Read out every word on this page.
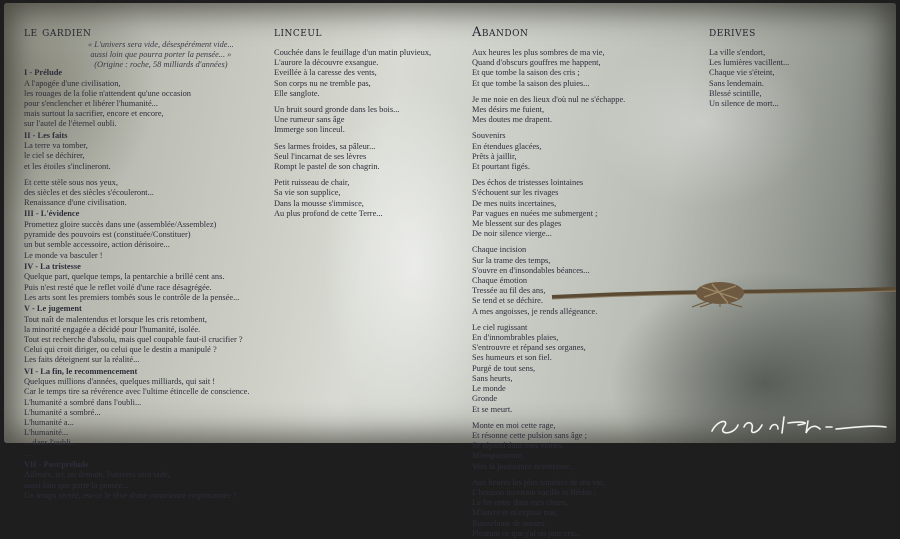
le gardien
« L'univers sera vide, désespérément vide...
aussi loin que pourra porter la pensée... »
(Origine : roche, 58 milliards d'années)
I - Prélude
A l'apogée d'une civilisation,
les rouages de la folie n'attendent qu'une occasion
pour s'enclencher et libérer l'humanité...
mais surtout la sacrifier, encore et encore,
sur l'autel de l'éternel oubli.
II - Les faits
La terre va tomber,
le ciel se déchirer,
et les étoiles s'inclineront.
Et cette stèle sous nos yeux,
des siècles et des siècles s'écouleront...
Renaissance d'une civilisation.
III - L'évidence
Promettez gloire succès dans une (assemblée/Assemblez)
pyramide des pouvoirs est (constituée/Constituer)
un but semble accessoire, action dérisoire...
Le monde va basculer !
IV - La tristesse
Quelque part, quelque temps, la pentarchie a brillé cent ans.
Puis n'est resté que le reflet voilé d'une race désagrégée.
Les arts sont les premiers tombés sous le contrôle de la pensée...
V - Le jugement
Tout naît de malentendus et lorsque les cris retombent,
la minorité engagée a décidé pour l'humanité, isolée.
Tout est recherche d'absolu, mais quel coupable faut-il crucifier ?
Celui qui croit diriger, ou celui que le destin a manipulé ?
Les faits déteignent sur la réalité...
VI - La fin, le recommencement
Quelques millions d'années, quelques milliards, qui sait !
Car le temps tire sa révérence avec l'ultime étincelle de conscience.
L'humanité a sombré dans l'oubli...
L'humanité a sombré...
L'humanité a...
L'humanité...
... dans l'oubli...
...
VII - Post/prélude
Ailleurs, ici, ou demain, l'univers sera vide,
aussi loin que porte la pensée...
Un temps recréé, est-ce le rêve d'une conscience emprisonnée ?
linceul
Couchée dans le feuillage d'un matin pluvieux,
L'aurore la découvre exsangue.
Eveillée à la caresse des vents,
Son corps nu ne tremble pas,
Elle sanglote.
Un bruit sourd gronde dans les bois...
Une rumeur sans âge
Immerge son linceul.
Ses larmes froides, sa pâleur...
Seul l'incarnat de ses lèvres
Rompt le pastel de son chagrin.
Petit ruisseau de chair,
Sa vie son supplice,
Dans la mousse s'immisce,
Au plus profond de cette Terre...
Abandon
Aux heures les plus sombres de ma vie,
Quand d'obscurs gouffres me happent,
Et que tombe la saison des cris ;
Et que tombe la saison des pluies...
Je me noie en des lieux d'où nul ne s'échappe.
Mes désirs me fuient,
Mes doutes me drapent.
Souvenirs
En étendues glacées,
Prêts à jaillir,
Et pourtant figés.
Des échos de tristesses lointaines
S'échouent sur les rivages
De mes nuits incertaines,
Par vagues en nuées me submergent ;
Me blessent sur des plages
De noir silence vierge...
Chaque incision
Sur la trame des temps,
S'ouvre en d'insondables béances...
Chaque émotion
Tressée au fil des ans,
Se tend et se déchire.
A mes angoisses, je rends allégeance.
Le ciel rugissant
En d'innombrables plaies,
S'entrouvre et répand ses organes,
Ses humeurs et son fiel.
Purgé de tout sens,
Sans heurts,
Le monde
Gronde
Et se meurt.
Monte en moi cette rage,
Et résonne cette pulsion sans âge ;
Se répand dans mes veines,
M'empoisonne,
Vers la jouissance m'entraîne...
Aux heures les plus sombres de ma vie,
L'horizon incertain vacille et fléchit ;
Le fer entre dans mes chairs,
M'ouvre et m'expose nue,
Ruisselante de sueurs.
Pleurant ce que j'ai un jour cru...
derives
La ville s'endort,
Les lumières vacillent...
Chaque vie s'éteint,
Sans lendemain.
Blessé scintille,
Un silence de mort...
